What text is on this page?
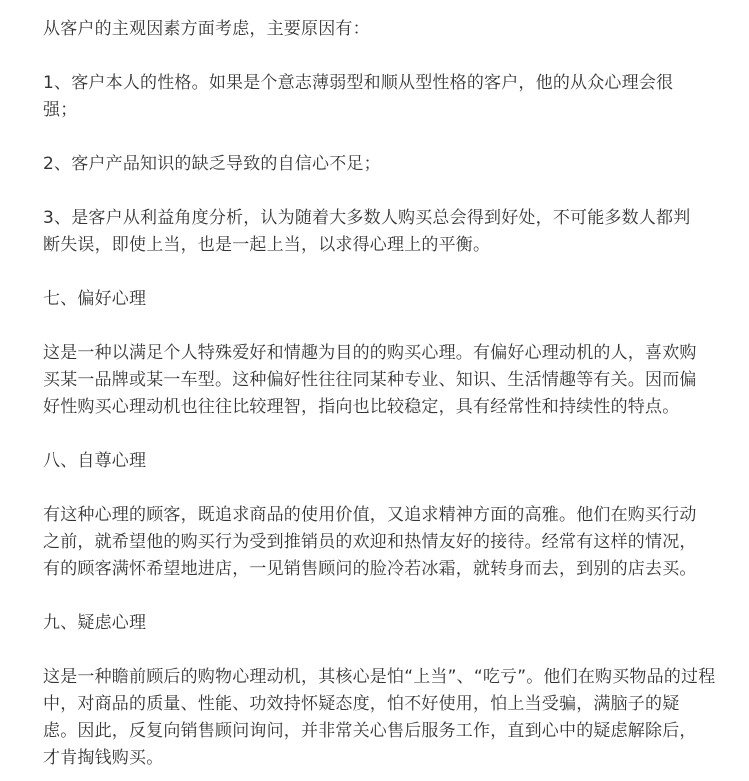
从客户的主观因素方面考虑，主要原因有：
1、客户本人的性格。如果是个意志薄弱型和顺从型性格的客户，他的从众心理会很
强；
2、客户产品知识的缺乏导致的自信心不足；
3、是客户从利益角度分析，认为随着大多数人购买总会得到好处，不可能多数人都判
断失误，即使上当，也是一起上当，以求得心理上的平衡。
七、偏好心理
这是一种以满足个人特殊爱好和情趣为目的的购买心理。有偏好心理动机的人，喜欢购
买某一品牌或某一车型。这种偏好性往往同某种专业、知识、生活情趣等有关。因而偏
好性购买心理动机也往往比较理智，指向也比较稳定，具有经常性和持续性的特点。
八、自尊心理
有这种心理的顾客，既追求商品的使用价值，又追求精神方面的高雅。他们在购买行动
之前，就希望他的购买行为受到推销员的欢迎和热情友好的接待。经常有这样的情况，
有的顾客满怀希望地进店，一见销售顾问的脸冷若冰霜，就转身而去，到别的店去买。
九、疑虑心理
这是一种瞻前顾后的购物心理动机，其核心是怕“上当”、“吃亏”。他们在购买物品的过程
中，对商品的质量、性能、功效持怀疑态度，怕不好使用，怕上当受骗，满脑子的疑
虑。因此，反复向销售顾问询问，并非常关心售后服务工作，直到心中的疑虑解除后，
才肯掏钱购买。
